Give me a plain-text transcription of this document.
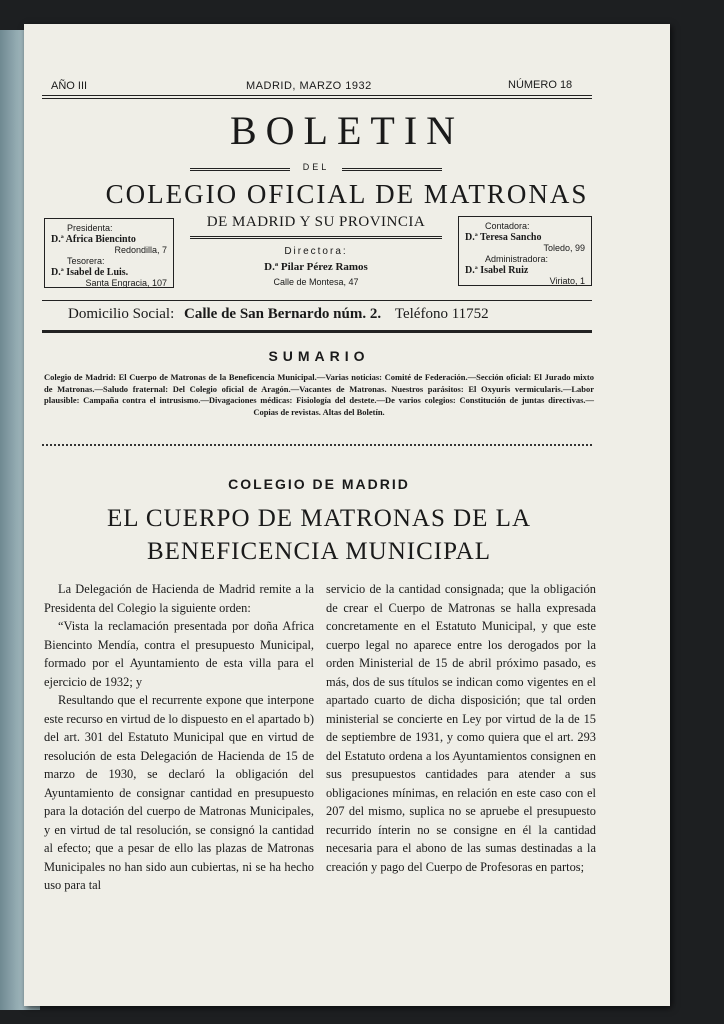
AÑO III	MADRID, MARZO 1932	NÚMERO 18
BOLETIN
DEL
COLEGIO OFICIAL DE MATRONAS
Presidenta:
D.ª Africa Biencinto
Redondilla, 7
Tesorera:
D.ª Isabel de Luis.
Santa Engracia, 107
DE MADRID Y SU PROVINCIA
Directora:
D.ª Pilar Pérez Ramos
Calle de Montesa, 47
Contadora:
D.ª Teresa Sancho
Toledo, 99
Administradora:
D.ª Isabel Ruiz
Viriato, 1
Domicilio Social: Calle de San Bernardo núm. 2. Teléfono 11752
SUMARIO
Colegio de Madrid: El Cuerpo de Matronas de la Beneficencia Municipal.—Varias noticias: Comité de Federación.—Sección oficial: El Jurado mixto de Matronas.—Saludo fraternal: Del Colegio oficial de Aragón.—Vacantes de Matronas. Nuestros parásitos: El Oxyuris vermicularis.—Labor plausible: Campaña contra el intrusismo.—Divagaciones médicas: Fisiología del destete.—De varios colegios: Constitución de juntas directivas.—Copias de revistas. Altas del Boletín.
COLEGIO DE MADRID
EL CUERPO DE MATRONAS DE LA
BENEFICENCIA MUNICIPAL

La Delegación de Hacienda de Madrid remite a la Presidenta del Colegio la siguiente orden:

“Vista la reclamación presentada por doña Africa Biencinto Mendía, contra el presupuesto Municipal, formado por el Ayuntamiento de esta villa para el ejercicio de 1932; y

Resultando que el recurrente expone que interpone este recurso en virtud de lo dispuesto en el apartado b) del art. 301 del Estatuto Municipal que en virtud de resolución de esta Delegación de Hacienda de 15 de marzo de 1930, se declaró la obligación del Ayuntamiento de consignar cantidad en presupuesto para la dotación del cuerpo de Matronas Municipales, y en virtud de tal resolución, se consignó la cantidad al efecto; que a pesar de ello las plazas de Matronas Municipales no han sido aun cubiertas, ni se ha hecho uso para tal

servicio de la cantidad consignada; que la obligación de crear el Cuerpo de Matronas se halla expresada concretamente en el Estatuto Municipal, y que este cuerpo legal no aparece entre los derogados por la orden Ministerial de 15 de abril próximo pasado, es más, dos de sus títulos se indican como vigentes en el apartado cuarto de dicha disposición; que tal orden ministerial se concierte en Ley por virtud de la de 15 de septiembre de 1931, y como quiera que el art. 293 del Estatuto ordena a los Ayuntamientos consignen en sus presupuestos cantidades para atender a sus obligaciones mínimas, en relación en este caso con el 207 del mismo, suplica no se apruebe el presupuesto recurrido ínterin no se consigne en él la cantidad necesaria para el abono de las sumas destinadas a la creación y pago del Cuerpo de Profesoras en partos;
